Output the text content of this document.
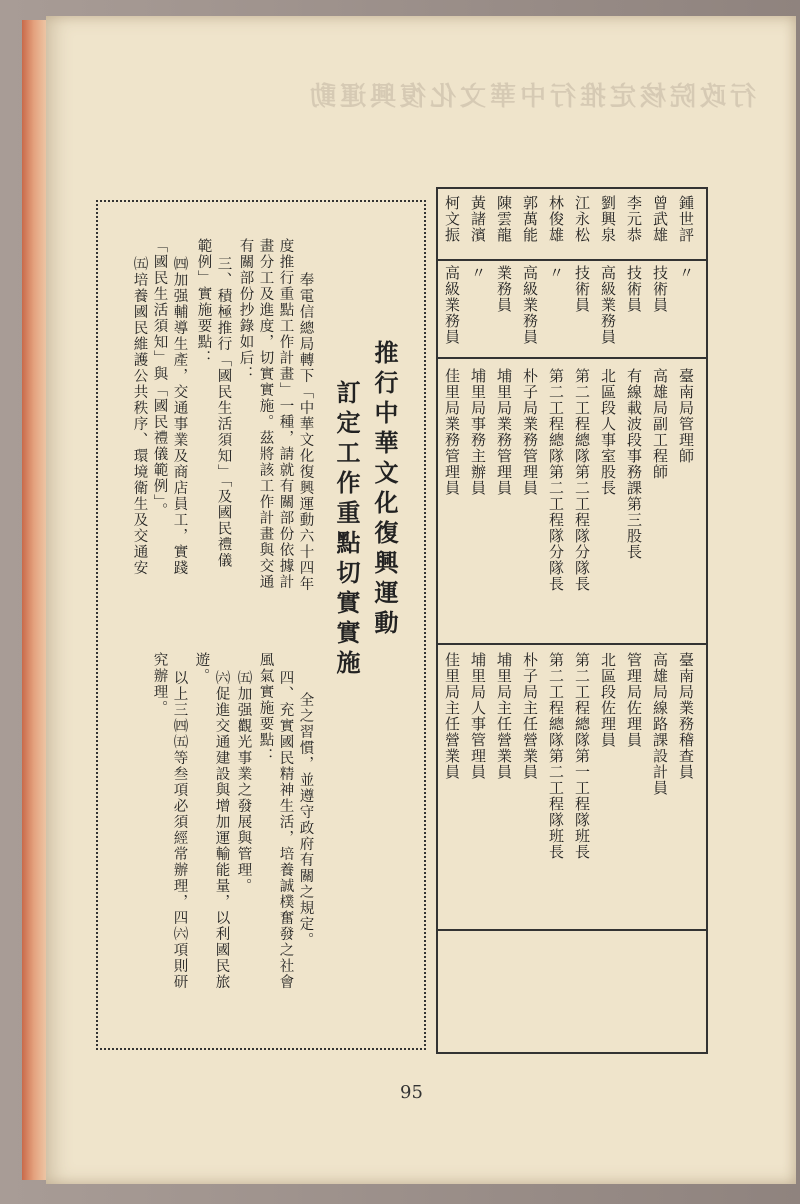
行政院核定推行中華文化復興運動
鍾世評
〃
臺南局管理師
曾武雄
技術員
高雄局副工程師
李元恭
技術員
有線載波段事務課第三股長
劉興泉
高級業務員
北區段人事室股長
江永松
技術員
第二工程總隊第二工程隊分隊長
林俊雄
〃
第二工程總隊第二工程隊分隊長
郭萬能
高級業務員
朴子局業務管理員
陳雲龍
業務員
埔里局業務管理員
黃諸濱
〃
埔里局事務主辦員
柯文振
高級業務員
佳里局業務管理員
臺南局業務稽查員
高雄局線路課設計員
管理局佐理員
北區段佐理員
第二工程總隊第一工程隊班長
第二工程總隊第二工程隊班長
朴子局主任營業員
埔里局主任營業員
埔里局人事管理員
佳里局主任營業員
推行中華文化復興運動
訂定工作重點切實實施
奉電信總局轉下「中華文化復興運動六十四年
度推行重點工作計畫」一種，請就有關部份依據計
畫分工及進度，切實實施。茲將該工作計畫與交通
有關部份抄錄如后：
三、積極推行「國民生活須知」「及國民禮儀
範例」實施要點：
㈣加强輔導生產，交通事業及商店員工，實踐
「國民生活須知」與「國民禮儀範例」。
㈤培養國民維護公共秩序、環境衛生及交通安
全之習慣，並遵守政府有關之規定。
四、充實國民精神生活，培養誠樸奮發之社會
風氣實施要點：
㈤加强觀光事業之發展與管理。
㈥促進交通建設與增加運輸能量，以利國民旅
遊。
以上三㈣㈤等叁項必須經常辦理，四㈥項則研
究辦理。
95
